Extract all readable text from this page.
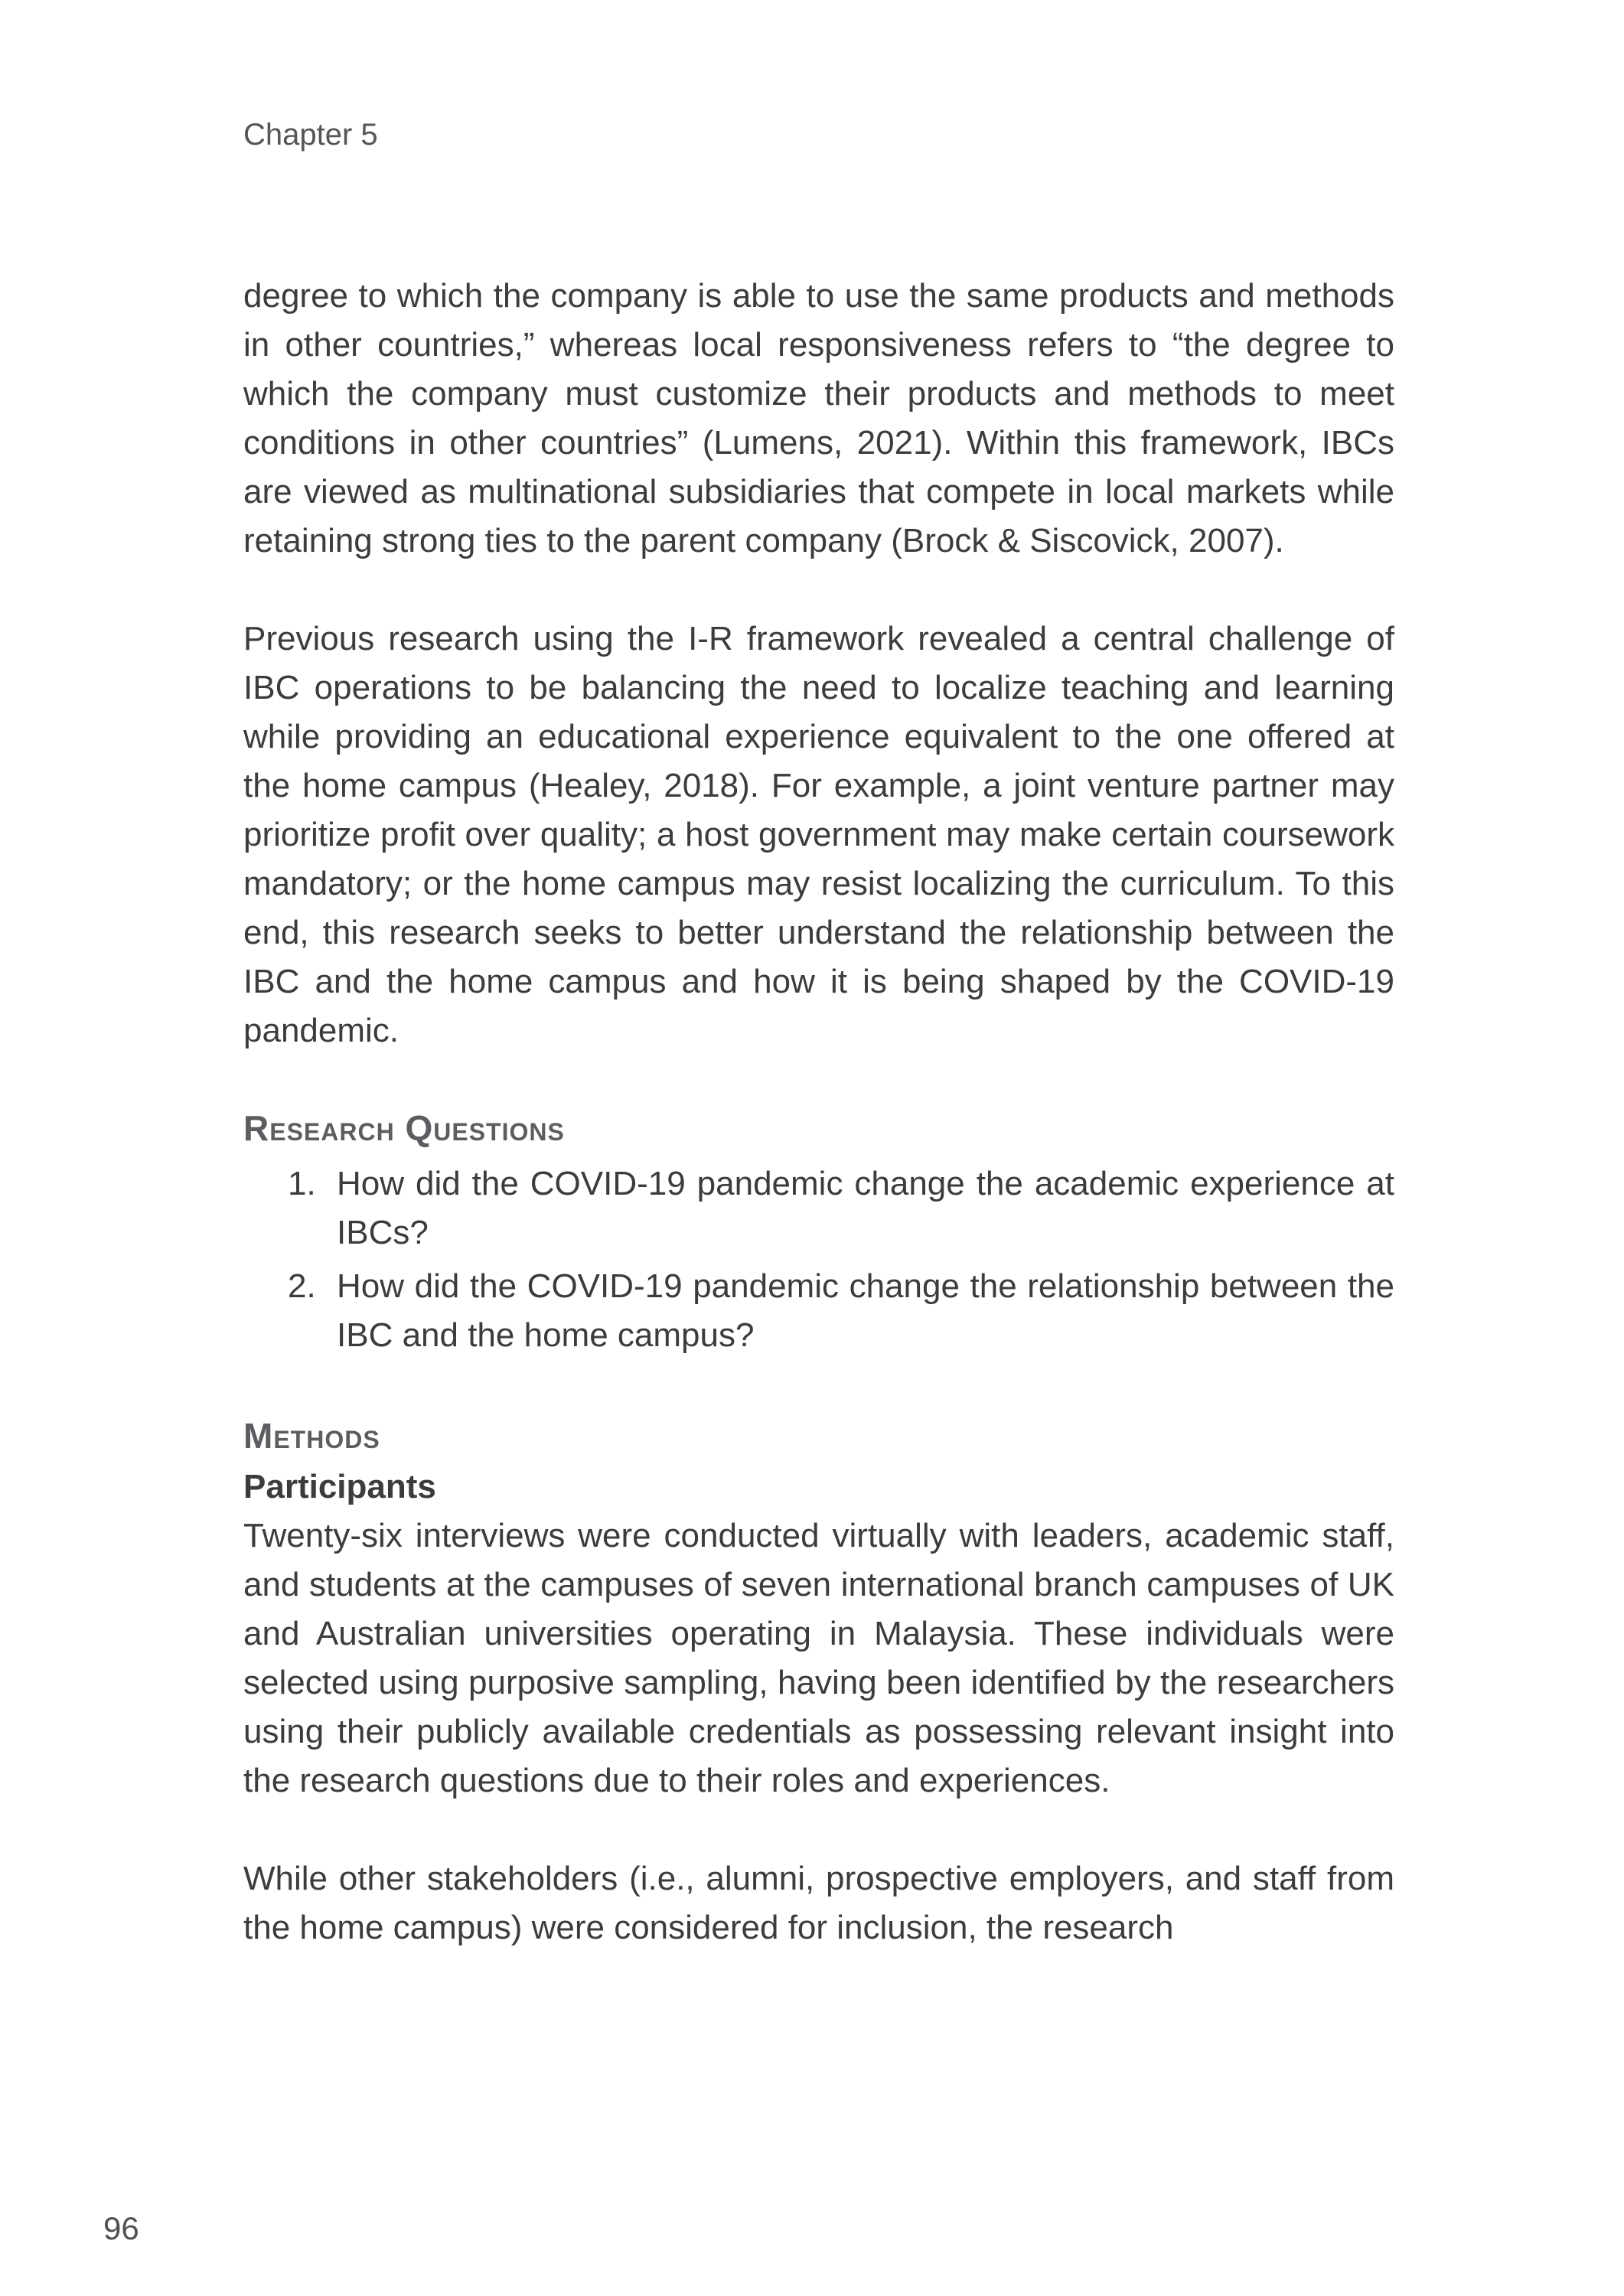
Chapter 5

degree to which the company is able to use the same products and methods in other countries,” whereas local responsiveness refers to “the degree to which the company must customize their products and methods to meet conditions in other countries” (Lumens, 2021). Within this framework, IBCs are viewed as multinational subsidiaries that compete in local markets while retaining strong ties to the parent company (Brock & Siscovick, 2007).

Previous research using the I-R framework revealed a central challenge of IBC operations to be balancing the need to localize teaching and learning while providing an educational experience equivalent to the one offered at the home campus (Healey, 2018). For example, a joint venture partner may prioritize profit over quality; a host government may make certain coursework mandatory; or the home campus may resist localizing the curriculum. To this end, this research seeks to better understand the relationship between the IBC and the home campus and how it is being shaped by the COVID-19 pandemic.

Research Questions
1. How did the COVID-19 pandemic change the academic experience at IBCs?
2. How did the COVID-19 pandemic change the relationship between the IBC and the home campus?
Methods
Participants

Twenty-six interviews were conducted virtually with leaders, academic staff, and students at the campuses of seven international branch campuses of UK and Australian universities operating in Malaysia. These individuals were selected using purposive sampling, having been identified by the researchers using their publicly available credentials as possessing relevant insight into the research questions due to their roles and experiences.

While other stakeholders (i.e., alumni, prospective employers, and staff from the home campus) were considered for inclusion, the research

96
